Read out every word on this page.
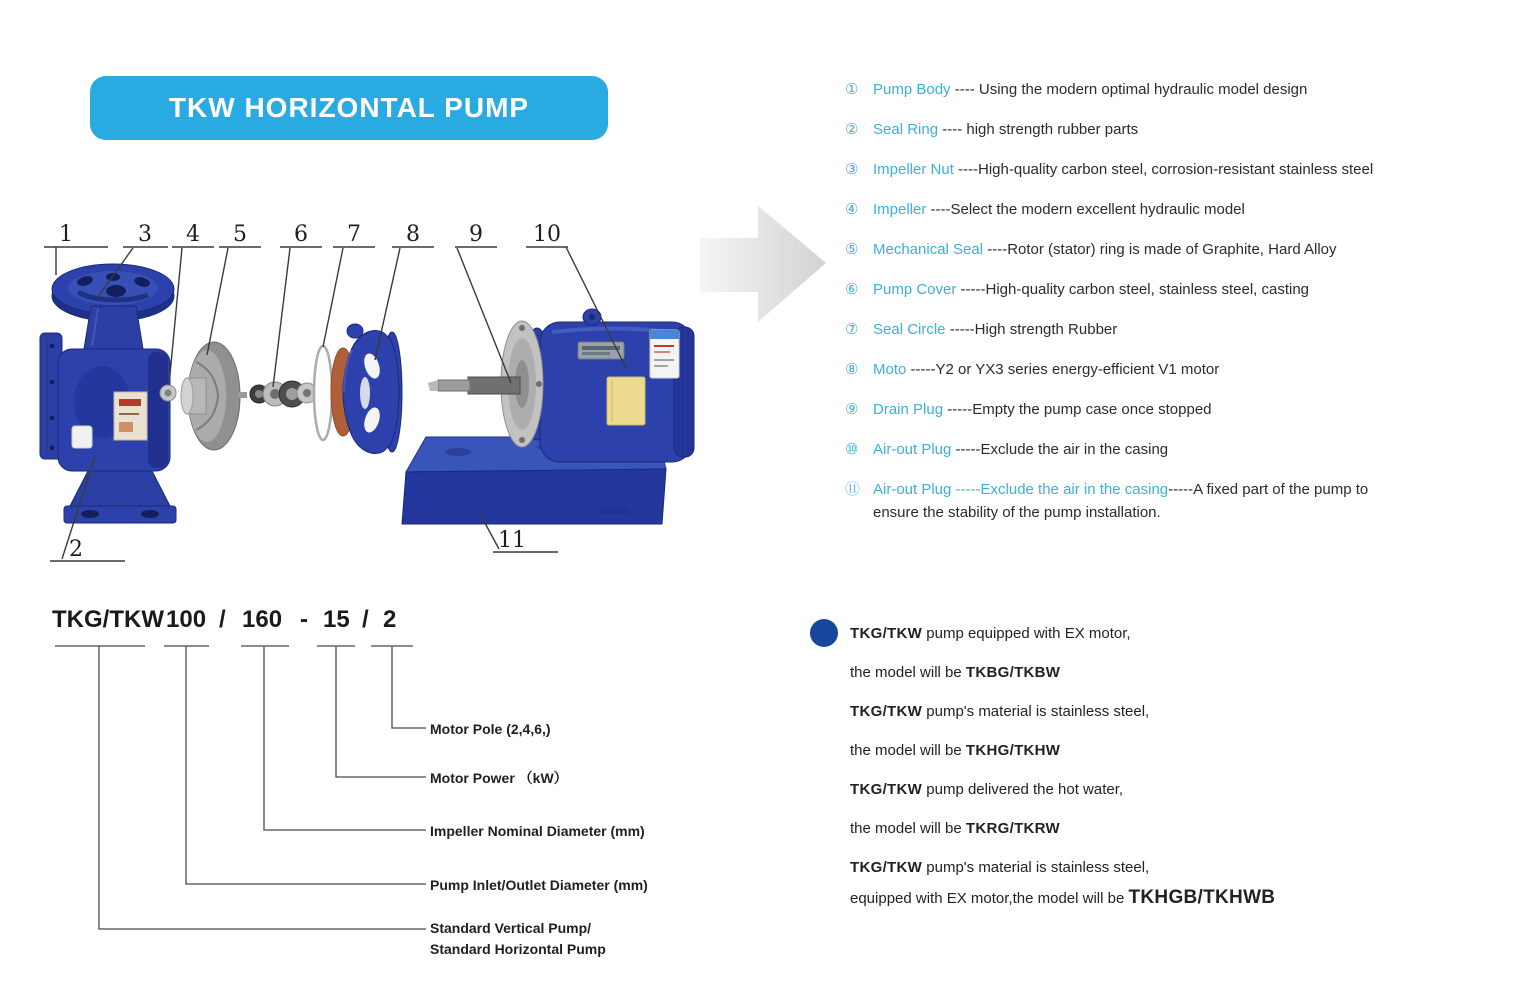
TKW HORIZONTAL PUMP
1	3 4 5 6 7 8 9 10
2	11
① Pump Body ---- Using the modern optimal hydraulic model design
② Seal Ring ---- high strength rubber parts
③ Impeller Nut ----High-quality carbon steel, corrosion-resistant stainless steel
④ Impeller ----Select the modern excellent hydraulic model
⑤ Mechanical Seal ----Rotor (stator) ring is made of Graphite, Hard Alloy
⑥ Pump Cover -----High-quality carbon steel, stainless steel, casting
⑦ Seal Circle -----High strength Rubber
⑧ Moto -----Y2 or YX3 series energy-efficient V1 motor
⑨ Drain Plug -----Empty the pump case once stopped
⑩ Air-out Plug -----Exclude the air in the casing
⑪ Air-out Plug -----Exclude the air in the casing-----A fixed part of the pump to
ensure the stability of the pump installation.
TKG/TKW 100 / 160 - 15 / 2
Motor Pole (2,4,6,)
Motor Power （kW）
Impeller Nominal Diameter (mm)
Pump Inlet/Outlet Diameter (mm)
Standard Vertical Pump/
Standard Horizontal Pump
TKG/TKW pump equipped with EX motor,
the model will be TKBG/TKBW
TKG/TKW pump's material is stainless steel,
the model will be TKHG/TKHW
TKG/TKW pump delivered the hot water,
the model will be TKRG/TKRW
TKG/TKW pump's material is stainless steel,
equipped with EX motor,the model will be TKHGB/TKHWB
